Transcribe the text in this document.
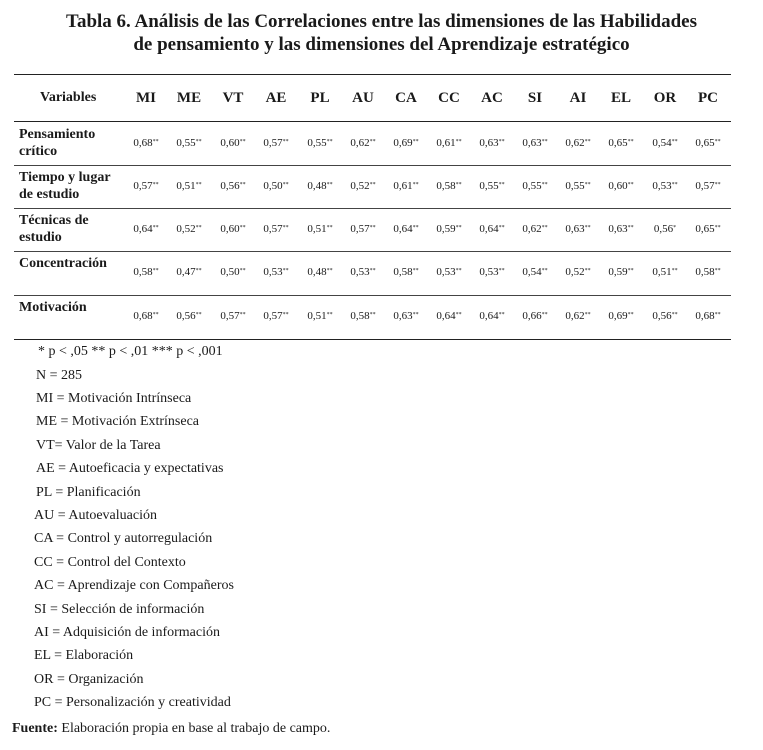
Tabla 6. Análisis de las Correlaciones entre las dimensiones de las Habilidades
de pensamiento y las dimensiones del Aprendizaje estratégico
Variables	MI	ME	VT	AE	PL	AU	CA	CC	AC	SI	AI	EL	OR	PC
Pensamiento
crítico
0,68**	0,55**	0,60**	0,57**	0,55**	0,62**	0,69**	0,61**	0,63**	0,63**	0,62**	0,65**	0,54**	0,65**
Tiempo y lugar
de estudio
0,57**	0,51**	0,56**	0,50**	0,48**	0,52**	0,61**	0,58**	0,55**	0,55**	0,55**	0,60**	0,53**	0,57**
Técnicas de
estudio
0,64**	0,52**	0,60**	0,57**	0,51**	0,57**	0,64**	0,59**	0,64**	0,62**	0,63**	0,63**	0,56*	0,65**
Concentración
0,58**	0,47**	0,50**	0,53**	0,48**	0,53**	0,58**	0,53**	0,53**	0,54**	0,52**	0,59**	0,51**	0,58**
Motivación
0,68**	0,56**	0,57**	0,57**	0,51**	0,58**	0,63**	0,64**	0,64**	0,66**	0,62**	0,69**	0,56**	0,68**
* p < ,05 ** p < ,01 *** p < ,001
N = 285
MI = Motivación Intrínseca
ME = Motivación Extrínseca
VT= Valor de la Tarea
AE = Autoeficacia y expectativas
PL = Planificación
AU = Autoevaluación
CA = Control y autorregulación
CC = Control del Contexto
AC = Aprendizaje con Compañeros
SI = Selección de información
AI = Adquisición de información
EL = Elaboración
OR = Organización
PC = Personalización y creatividad
Fuente: Elaboración propia en base al trabajo de campo.
